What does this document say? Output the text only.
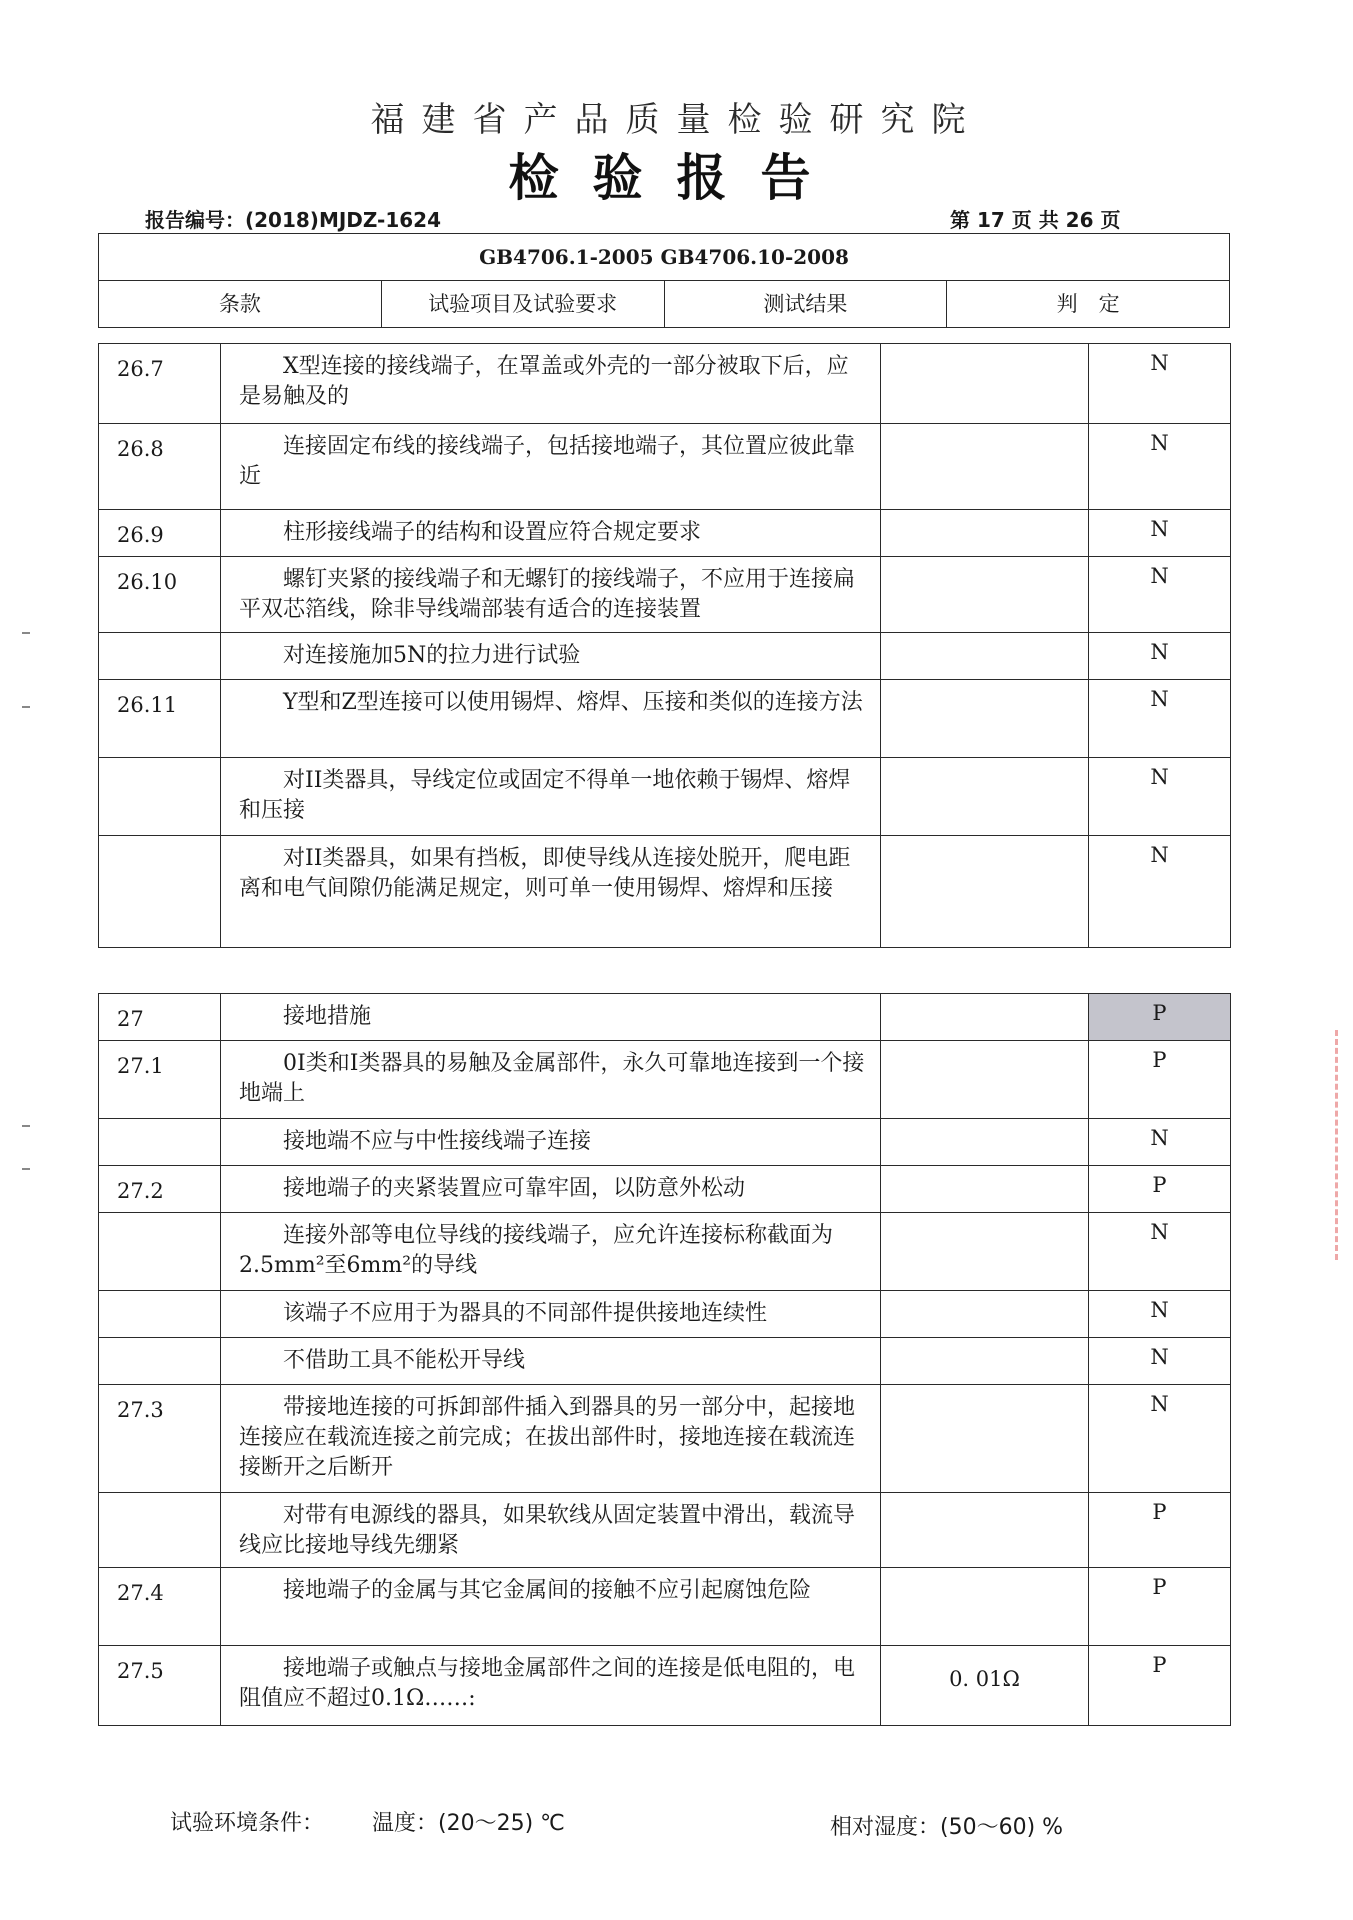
福建省产品质量检验研究院
检验报告
报告编号：(2018)MJDZ-1624	第 17 页 共 26 页
GB4706.1-2005 GB4706.10-2008
条款	试验项目及试验要求	测试结果	判　定
26.7	X型连接的接线端子，在罩盖或外壳的一部分被取下后，应是易触及的		N
26.8	连接固定布线的接线端子，包括接地端子，其位置应彼此靠近		N
26.9	柱形接线端子的结构和设置应符合规定要求		N
26.10	螺钉夹紧的接线端子和无螺钉的接线端子，不应用于连接扁平双芯箔线，除非导线端部装有适合的连接装置		N

	对连接施加5N的拉力进行试验		N
26.11	Y型和Z型连接可以使用锡焊、熔焊、压接和类似的连接方法		N

	对II类器具，导线定位或固定不得单一地依赖于锡焊、熔焊和压接		N

	对II类器具，如果有挡板，即使导线从连接处脱开，爬电距离和电气间隙仍能满足规定，则可单一使用锡焊、熔焊和压接		N
27	接地措施		P
27.1	0I类和Ⅰ类器具的易触及金属部件，永久可靠地连接到一个接地端上		P

	接地端不应与中性接线端子连接		N
27.2	接地端子的夹紧装置应可靠牢固，以防意外松动		P

	连接外部等电位导线的接线端子，应允许连接标称截面为2.5mm²至6mm²的导线		N

	该端子不应用于为器具的不同部件提供接地连续性		N

	不借助工具不能松开导线		N
27.3	带接地连接的可拆卸部件插入到器具的另一部分中，起接地连接应在载流连接之前完成；在拔出部件时，接地连接在载流连接断开之后断开		N

	对带有电源线的器具，如果软线从固定装置中滑出，载流导线应比接地导线先绷紧		P
27.4	接地端子的金属与其它金属间的接触不应引起腐蚀危险		P
27.5	接地端子或触点与接地金属部件之间的连接是低电阻的，电阻值应不超过0.1Ω……:	0. 01Ω	P
试验环境条件： 温度：(20～25) ℃	相对湿度：(50～60) %
